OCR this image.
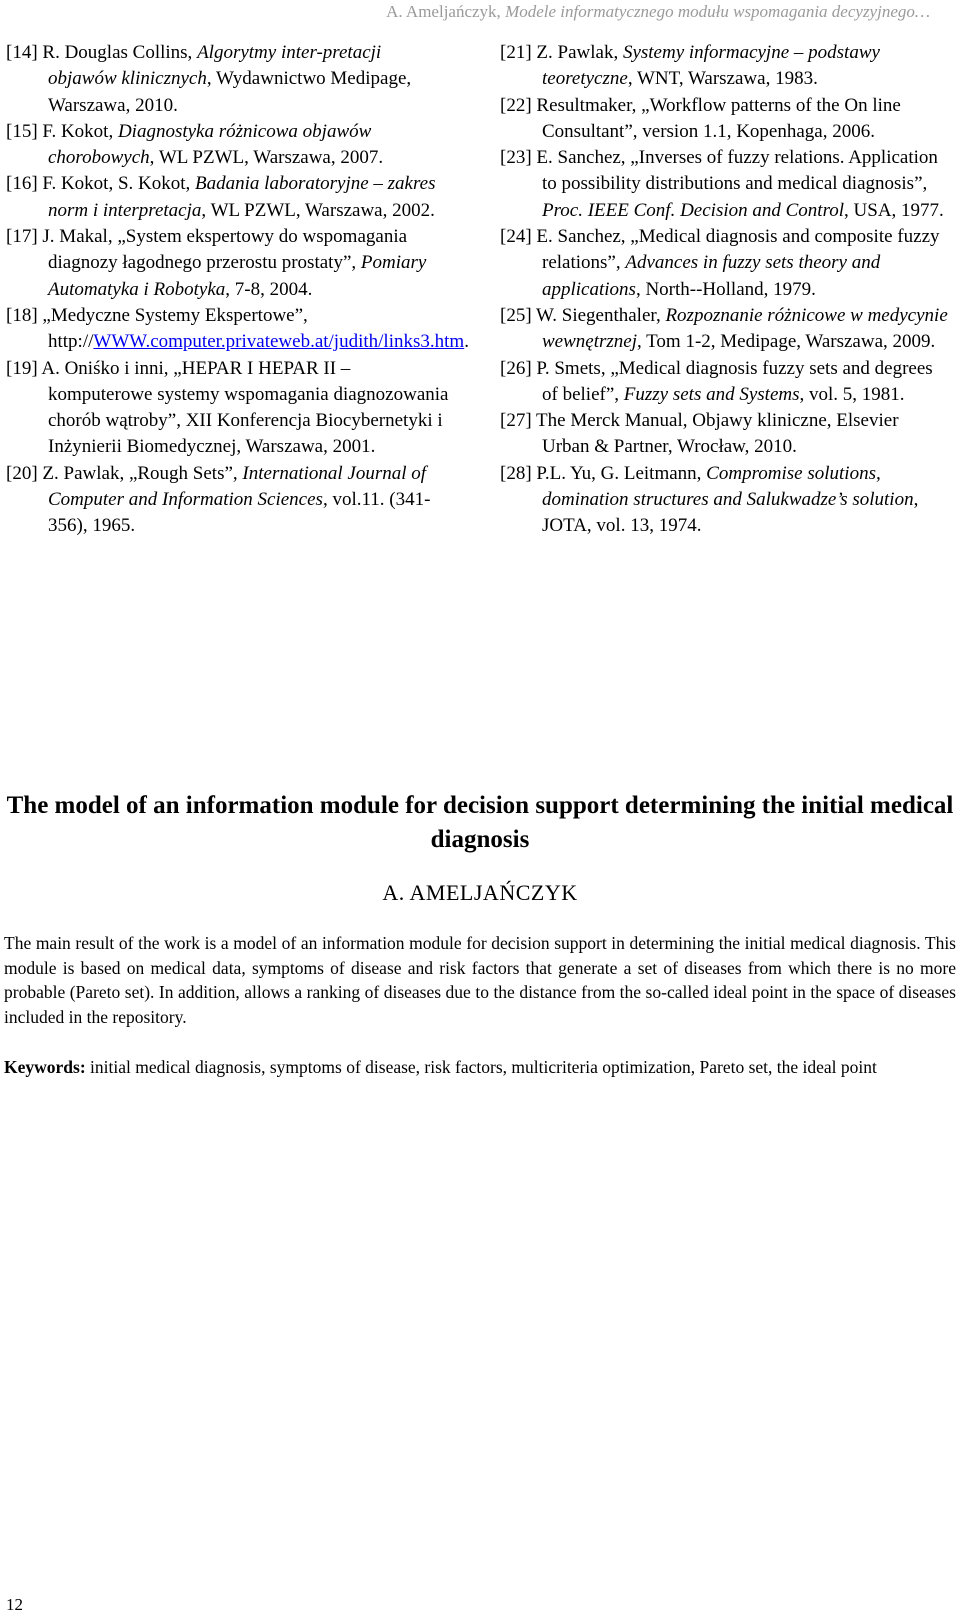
A. Ameljańczyk, Modele informatycznego modułu wspomagania decyzyjnego…

[14] R. Douglas Collins, Algorytmy inter-pretacji objawów klinicznych, Wydawnictwo Medipage, Warszawa, 2010.

[15] F. Kokot, Diagnostyka różnicowa objawów chorobowych, WL PZWL, Warszawa, 2007.

[16] F. Kokot, S. Kokot, Badania laboratoryjne – zakres norm i interpretacja, WL PZWL, Warszawa, 2002.

[17] J. Makal, „System ekspertowy do wspomagania diagnozy łagodnego przerostu prostaty”, Pomiary Automatyka i Robotyka, 7-8, 2004.

[18] „Medyczne Systemy Ekspertowe”, http://WWW.computer.privateweb.at/judith/links3.htm.

[19] A. Oniśko i inni, „HEPAR I HEPAR II – komputerowe systemy wspomagania diagnozowania chorób wątroby”, XII Konferencja Biocybernetyki i Inżynierii Biomedycznej, Warszawa, 2001.

[20] Z. Pawlak, „Rough Sets”, International Journal of Computer and Information Sciences, vol.11. (341-356), 1965.

[21] Z. Pawlak, Systemy informacyjne – podstawy teoretyczne, WNT, Warszawa, 1983.

[22] Resultmaker, „Workflow patterns of the On line Consultant”, version 1.1, Kopenhaga, 2006.

[23] E. Sanchez, „Inverses of fuzzy relations. Application to possibility distributions and medical diagnosis”, Proc. IEEE Conf. Decision and Control, USA, 1977.

[24] E. Sanchez, „Medical diagnosis and composite fuzzy relations”, Advances in fuzzy sets theory and applications, North--Holland, 1979.

[25] W. Siegenthaler, Rozpoznanie różnicowe w medycynie wewnętrznej, Tom 1-2, Medipage, Warszawa, 2009.

[26] P. Smets, „Medical diagnosis fuzzy sets and degrees of belief”, Fuzzy sets and Systems, vol. 5, 1981.

[27] The Merck Manual, Objawy kliniczne, Elsevier Urban & Partner, Wrocław, 2010.

[28] P.L. Yu, G. Leitmann, Compromise solutions, domination structures and Salukwadze’s solution, JOTA, vol. 13, 1974.

The model of an information module for decision support determining the initial medical diagnosis
A. AMELJAŃCZYK

The main result of the work is a model of an information module for decision support in determining the initial medical diagnosis. This module is based on medical data, symptoms of disease and risk factors that generate a set of diseases from which there is no more probable (Pareto set). In addition, allows a ranking of diseases due to the distance from the so-called ideal point in the space of diseases included in the repository.

Keywords: initial medical diagnosis, symptoms of disease, risk factors, multicriteria optimization, Pareto set, the ideal point

12
